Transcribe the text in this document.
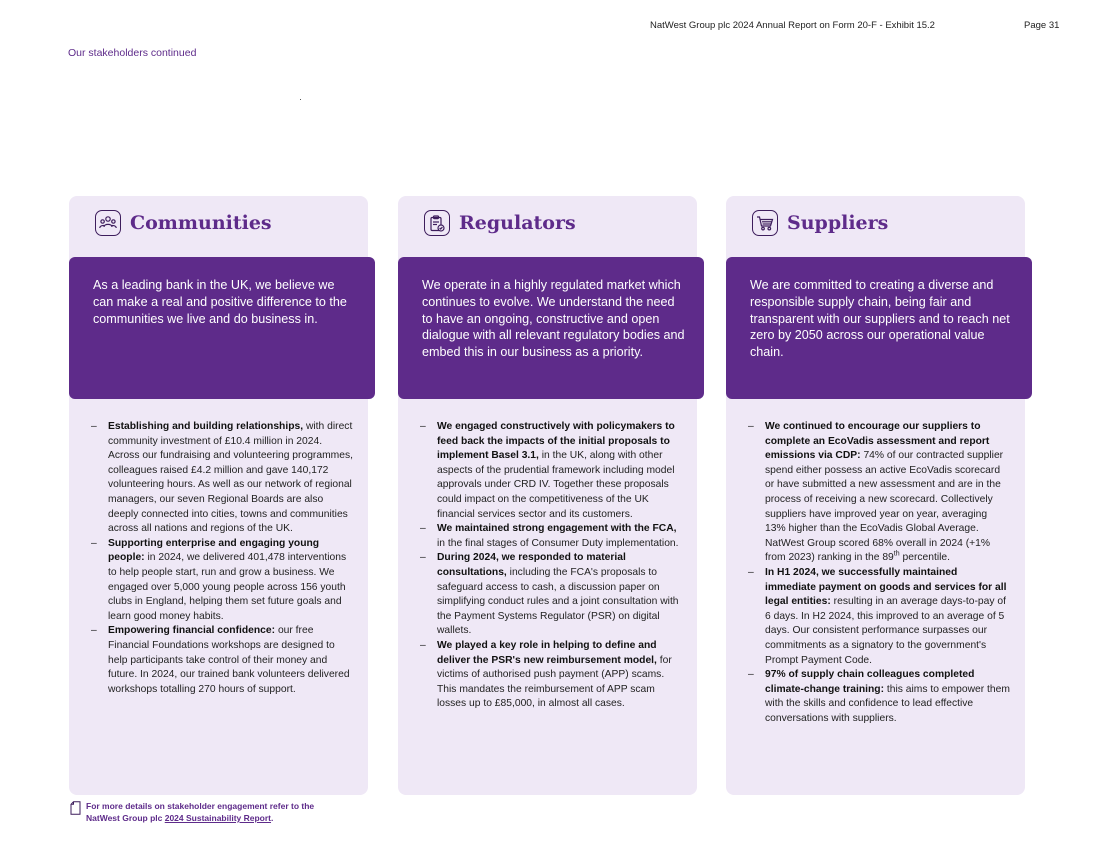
NatWest Group plc 2024 Annual Report on Form 20-F - Exhibit 15.2	Page 31
Our stakeholders continued
Communities
As a leading bank in the UK, we believe we can make a real and positive difference to the communities we live and do business in.
– Establishing and building relationships, with direct community investment of £10.4 million in 2024. Across our fundraising and volunteering programmes, colleagues raised £4.2 million and gave 140,172 volunteering hours. As well as our network of regional managers, our seven Regional Boards are also deeply connected into cities, towns and communities across all nations and regions of the UK.
– Supporting enterprise and engaging young people: in 2024, we delivered 401,478 interventions to help people start, run and grow a business. We engaged over 5,000 young people across 156 youth clubs in England, helping them set future goals and learn good money habits.
– Empowering financial confidence: our free Financial Foundations workshops are designed to help participants take control of their money and future. In 2024, our trained bank volunteers delivered workshops totalling 270 hours of support.
Regulators
We operate in a highly regulated market which continues to evolve. We understand the need to have an ongoing, constructive and open dialogue with all relevant regulatory bodies and embed this in our business as a priority.
– We engaged constructively with policymakers to feed back the impacts of the initial proposals to implement Basel 3.1, in the UK, along with other aspects of the prudential framework including model approvals under CRD IV. Together these proposals could impact on the competitiveness of the UK financial services sector and its customers.
– We maintained strong engagement with the FCA, in the final stages of Consumer Duty implementation.
– During 2024, we responded to material consultations, including the FCA's proposals to safeguard access to cash, a discussion paper on simplifying conduct rules and a joint consultation with the Payment Systems Regulator (PSR) on digital wallets.
– We played a key role in helping to define and deliver the PSR's new reimbursement model, for victims of authorised push payment (APP) scams. This mandates the reimbursement of APP scam losses up to £85,000, in almost all cases.
Suppliers
We are committed to creating a diverse and responsible supply chain, being fair and transparent with our suppliers and to reach net zero by 2050 across our operational value chain.
– We continued to encourage our suppliers to complete an EcoVadis assessment and report emissions via CDP: 74% of our contracted supplier spend either possess an active EcoVadis scorecard or have submitted a new assessment and are in the process of receiving a new scorecard. Collectively suppliers have improved year on year, averaging 13% higher than the EcoVadis Global Average. NatWest Group scored 68% overall in 2024 (+1% from 2023) ranking in the 89th percentile.
– In H1 2024, we successfully maintained immediate payment on goods and services for all legal entities: resulting in an average days-to-pay of 6 days. In H2 2024, this improved to an average of 5 days. Our consistent performance surpasses our commitments as a signatory to the government's Prompt Payment Code.
– 97% of supply chain colleagues completed climate-change training: this aims to empower them with the skills and confidence to lead effective conversations with suppliers.
For more details on stakeholder engagement refer to the NatWest Group plc 2024 Sustainability Report.
